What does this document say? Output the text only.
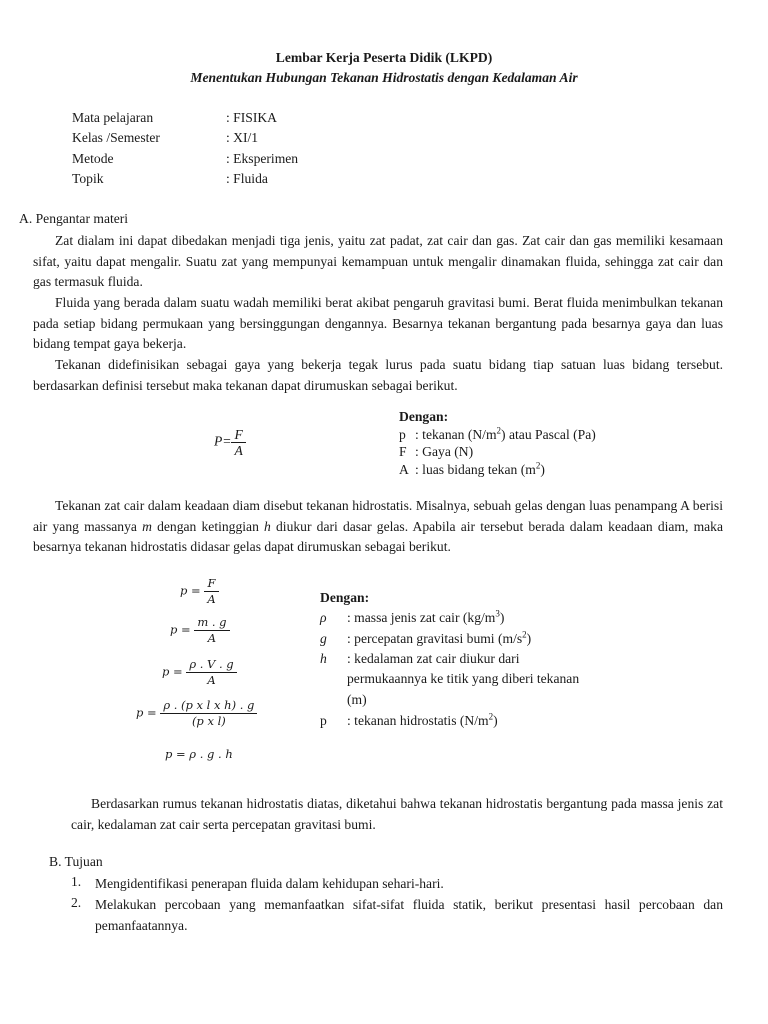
Lembar Kerja Peserta Didik (LKPD)
Menentukan Hubungan Tekanan Hidrostatis dengan Kedalaman Air
Mata pelajaran	: FISIKA
Kelas /Semester	: XI/1
Metode	: Eksperimen
Topik	: Fluida
A. Pengantar materi
Zat dialam ini dapat dibedakan menjadi tiga jenis, yaitu zat padat, zat cair dan gas. Zat cair dan gas memiliki kesamaan sifat, yaitu dapat mengalir. Suatu zat yang mempunyai kemampuan untuk mengalir dinamakan fluida, sehingga zat cair dan gas termasuk fluida.
Fluida yang berada dalam suatu wadah memiliki berat akibat pengaruh gravitasi bumi. Berat fluida menimbulkan tekanan pada setiap bidang permukaan yang bersinggungan dengannya. Besarnya tekanan bergantung pada besarnya gaya dan luas bidang tempat gaya bekerja.
Tekanan didefinisikan sebagai gaya yang bekerja tegak lurus pada suatu bidang tiap satuan luas bidang tersebut. berdasarkan definisi tersebut maka tekanan dapat dirumuskan sebagai berikut.
$P= \frac{F}{A}$
Dengan:
p : tekanan $(N/m^2)$ atau Pascal (Pa)
F : Gaya (N)
A : luas bidang tekan $(m^2)$
Tekanan zat cair dalam keadaan diam disebut tekanan hidrostatis. Misalnya, sebuah gelas dengan luas penampang A berisi air yang massanya m dengan ketinggian h diukur dari dasar gelas. Apabila air tersebut berada dalam keadaan diam, maka besarnya tekanan hidrostatis didasar gelas dapat dirumuskan sebagai berikut.
$p = \frac{F}{A}$
$p = \frac{m . g}{A}$
$p = \frac{\rho . V . g}{A}$
$p = \frac{\text{ρ . (p x l x h) . g}}{\text{(p x l)}}$
p = ρ . g . h
Dengan:
ρ : massa jenis zat cair $(kg/m^3)$
g : percepatan gravitasi bumi $(m/s^2)$
h : kedalaman zat cair diukur dari
permukaannya ke titik yang diberi tekanan
(m)
p : tekanan hidrostatis $(N/m^2)$
Berdasarkan rumus tekanan hidrostatis diatas, diketahui bahwa tekanan hidrostatis bergantung pada massa jenis zat cair, kedalaman zat cair serta percepatan gravitasi bumi.
B. Tujuan
1. Mengidentifikasi penerapan fluida dalam kehidupan sehari-hari.
2. Melakukan percobaan yang memanfaatkan sifat-sifat fluida statik, berikut presentasi hasil percobaan dan pemanfaatannya.
